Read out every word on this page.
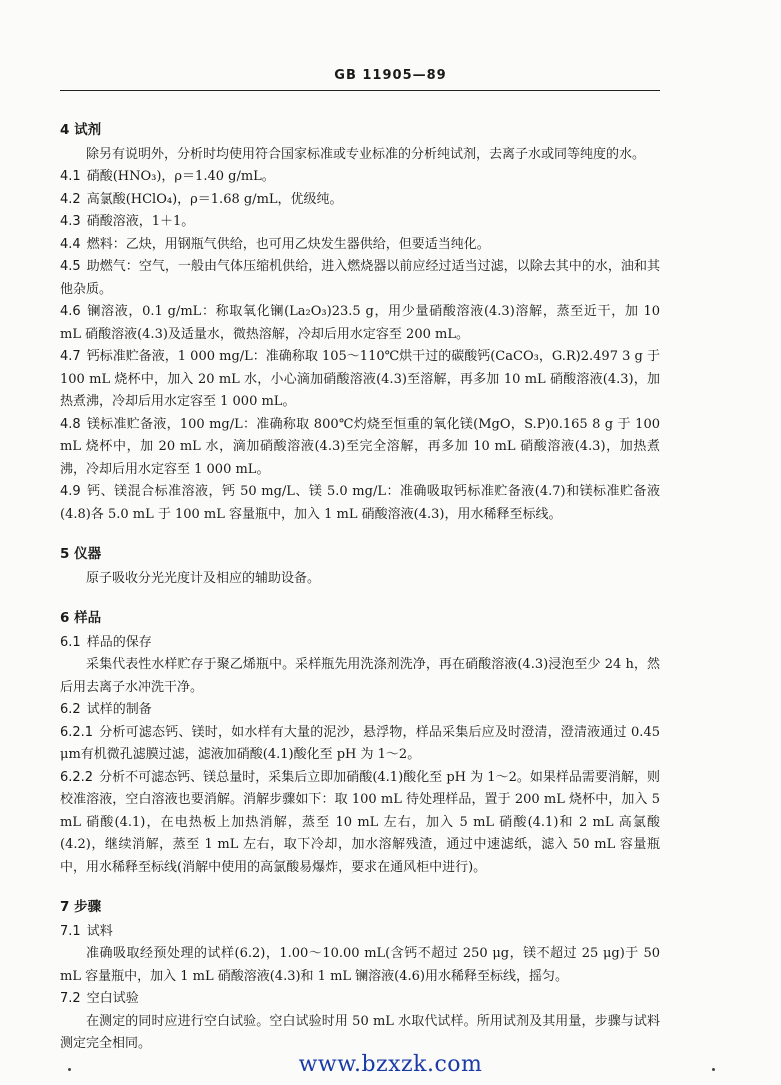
GB 11905—89
4 试剂
除另有说明外，分析时均使用符合国家标准或专业标准的分析纯试剂，去离子水或同等纯度的水。
4.1 硝酸(HNO₃)，ρ＝1.40 g/mL。
4.2 高氯酸(HClO₄)，ρ＝1.68 g/mL，优级纯。
4.3 硝酸溶液，1＋1。
4.4 燃料：乙炔，用钢瓶气供给，也可用乙炔发生器供给，但要适当纯化。
4.5 助燃气：空气，一般由气体压缩机供给，进入燃烧器以前应经过适当过滤，以除去其中的水，油和其他杂质。
4.6 镧溶液，0.1 g/mL：称取氧化镧(La₂O₃)23.5 g，用少量硝酸溶液(4.3)溶解，蒸至近干，加 10 mL 硝酸溶液(4.3)及适量水，微热溶解，冷却后用水定容至 200 mL。
4.7 钙标准贮备液，1 000 mg/L：准确称取 105～110℃烘干过的碳酸钙(CaCO₃，G.R)2.497 3 g 于 100 mL 烧杯中，加入 20 mL 水，小心滴加硝酸溶液(4.3)至溶解，再多加 10 mL 硝酸溶液(4.3)，加热煮沸，冷却后用水定容至 1 000 mL。
4.8 镁标准贮备液，100 mg/L：准确称取 800℃灼烧至恒重的氧化镁(MgO，S.P)0.165 8 g 于 100 mL 烧杯中，加 20 mL 水，滴加硝酸溶液(4.3)至完全溶解，再多加 10 mL 硝酸溶液(4.3)，加热煮沸，冷却后用水定容至 1 000 mL。
4.9 钙、镁混合标准溶液，钙 50 mg/L、镁 5.0 mg/L：准确吸取钙标准贮备液(4.7)和镁标准贮备液(4.8)各 5.0 mL 于 100 mL 容量瓶中，加入 1 mL 硝酸溶液(4.3)，用水稀释至标线。
5 仪器
原子吸收分光光度计及相应的辅助设备。
6 样品
6.1 样品的保存
采集代表性水样贮存于聚乙烯瓶中。采样瓶先用洗涤剂洗净，再在硝酸溶液(4.3)浸泡至少 24 h，然后用去离子水冲洗干净。
6.2 试样的制备
6.2.1 分析可滤态钙、镁时，如水样有大量的泥沙，悬浮物，样品采集后应及时澄清，澄清液通过 0.45 μm有机微孔滤膜过滤，滤液加硝酸(4.1)酸化至 pH 为 1～2。
6.2.2 分析不可滤态钙、镁总量时，采集后立即加硝酸(4.1)酸化至 pH 为 1～2。如果样品需要消解，则校准溶液，空白溶液也要消解。消解步骤如下：取 100 mL 待处理样品，置于 200 mL 烧杯中，加入 5 mL 硝酸(4.1)，在电热板上加热消解，蒸至 10 mL 左右，加入 5 mL 硝酸(4.1)和 2 mL 高氯酸(4.2)，继续消解，蒸至 1 mL 左右，取下冷却，加水溶解残渣，通过中速滤纸，滤入 50 mL 容量瓶中，用水稀释至标线(消解中使用的高氯酸易爆炸，要求在通风柜中进行)。
7 步骤
7.1 试料
准确吸取经预处理的试样(6.2)，1.00～10.00 mL(含钙不超过 250 μg，镁不超过 25 μg)于 50 mL 容量瓶中，加入 1 mL 硝酸溶液(4.3)和 1 mL 镧溶液(4.6)用水稀释至标线，摇匀。
7.2 空白试验
在测定的同时应进行空白试验。空白试验时用 50 mL 水取代试样。所用试剂及其用量，步骤与试料测定完全相同。
www.bzxzk.com
